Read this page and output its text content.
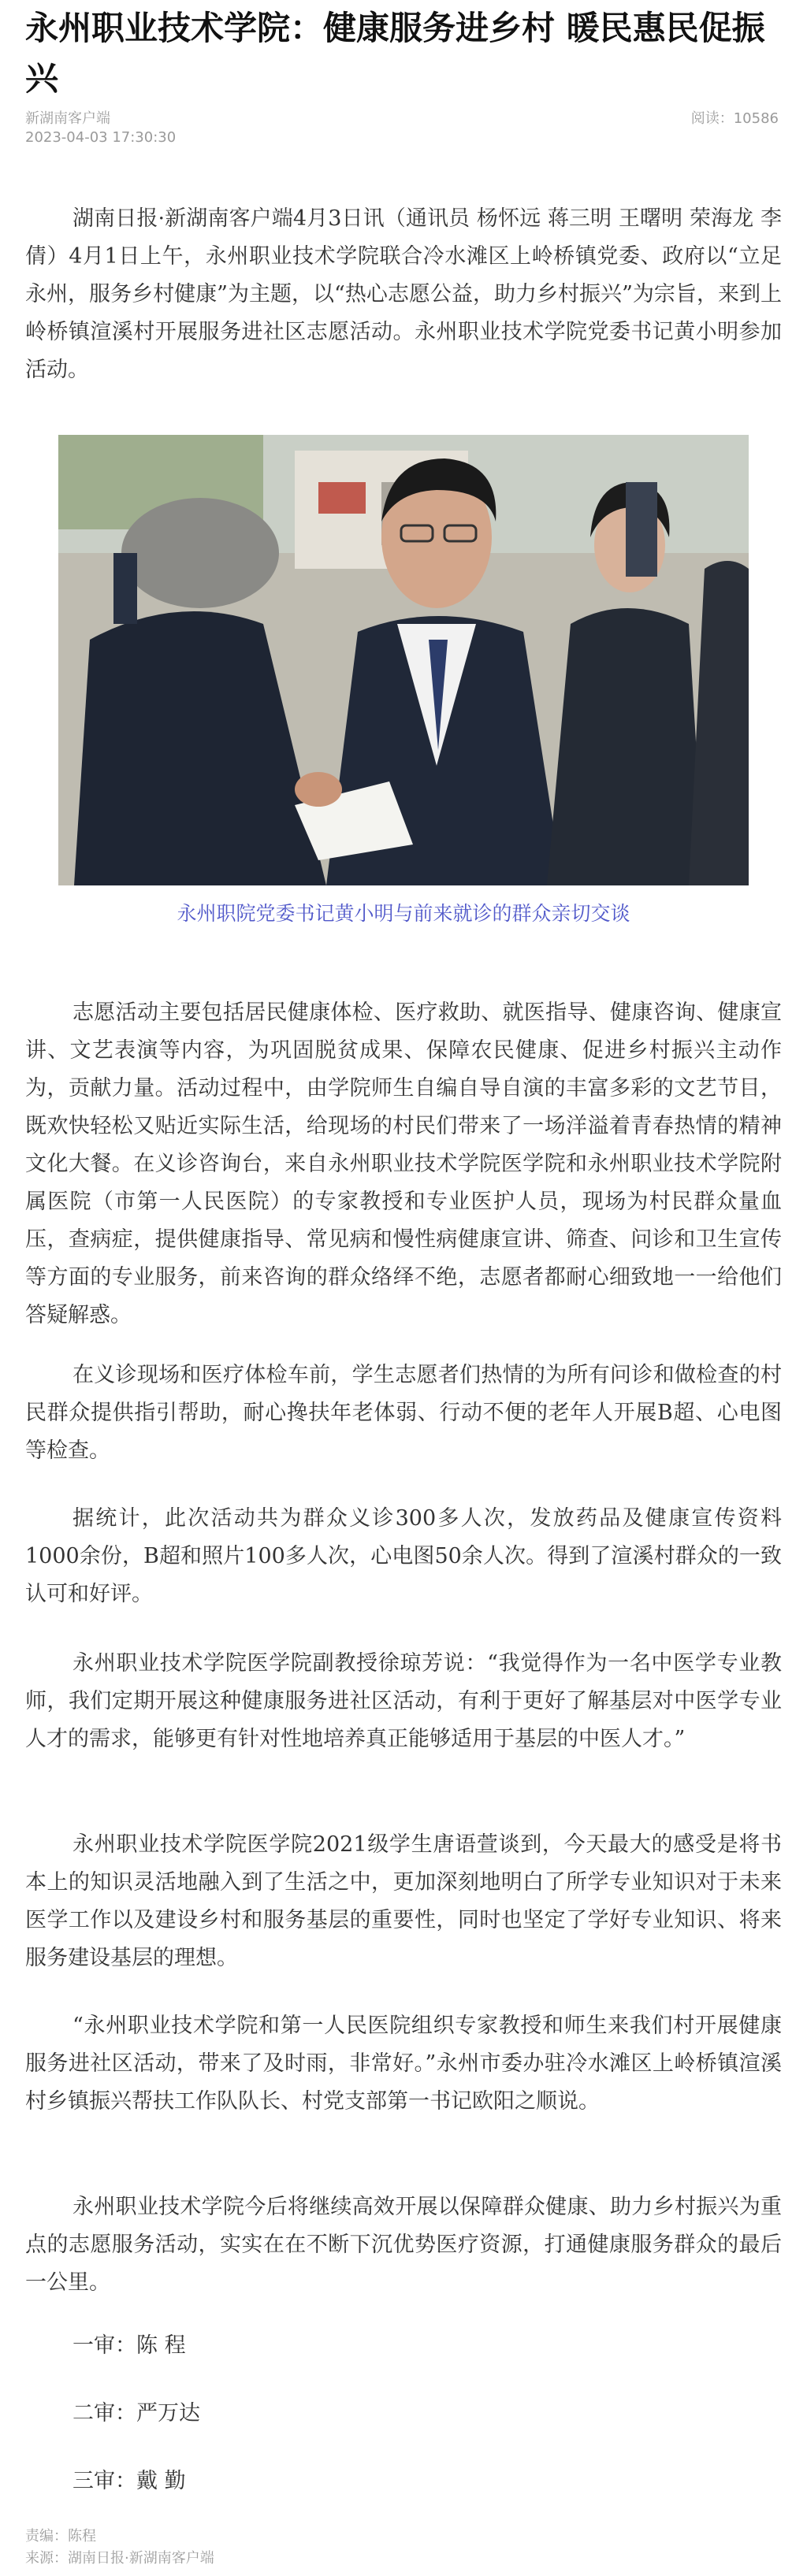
永州职业技术学院：健康服务进乡村 暖民惠民促振兴
新湖南客户端
2023-04-03 17:30:30
阅读：10586

湖南日报·新湖南客户端4月3日讯（通讯员 杨怀远 蒋三明 王曙明 荣海龙 李倩）4月1日上午，永州职业技术学院联合冷水滩区上岭桥镇党委、政府以“立足永州，服务乡村健康”为主题，以“热心志愿公益，助力乡村振兴”为宗旨，来到上岭桥镇渲溪村开展服务进社区志愿活动。永州职业技术学院党委书记黄小明参加活动。

永州职院党委书记黄小明与前来就诊的群众亲切交谈

志愿活动主要包括居民健康体检、医疗救助、就医指导、健康咨询、健康宣讲、文艺表演等内容，为巩固脱贫成果、保障农民健康、促进乡村振兴主动作为，贡献力量。活动过程中，由学院师生自编自导自演的丰富多彩的文艺节目，既欢快轻松又贴近实际生活，给现场的村民们带来了一场洋溢着青春热情的精神文化大餐。在义诊咨询台，来自永州职业技术学院医学院和永州职业技术学院附属医院（市第一人民医院）的专家教授和专业医护人员，现场为村民群众量血压，查病症，提供健康指导、常见病和慢性病健康宣讲、筛查、问诊和卫生宣传等方面的专业服务，前来咨询的群众络绎不绝，志愿者都耐心细致地一一给他们答疑解惑。

在义诊现场和医疗体检车前，学生志愿者们热情的为所有问诊和做检查的村民群众提供指引帮助，耐心搀扶年老体弱、行动不便的老年人开展B超、心电图等检查。

据统计，此次活动共为群众义诊300多人次，发放药品及健康宣传资料1000余份，B超和照片100多人次，心电图50余人次。得到了渲溪村群众的一致认可和好评。

永州职业技术学院医学院副教授徐琼芳说：“我觉得作为一名中医学专业教师，我们定期开展这种健康服务进社区活动，有利于更好了解基层对中医学专业人才的需求，能够更有针对性地培养真正能够适用于基层的中医人才。”

永州职业技术学院医学院2021级学生唐语萱谈到，今天最大的感受是将书本上的知识灵活地融入到了生活之中，更加深刻地明白了所学专业知识对于未来医学工作以及建设乡村和服务基层的重要性，同时也坚定了学好专业知识、将来服务建设基层的理想。

“永州职业技术学院和第一人民医院组织专家教授和师生来我们村开展健康服务进社区活动，带来了及时雨，非常好。”永州市委办驻冷水滩区上岭桥镇渲溪村乡镇振兴帮扶工作队队长、村党支部第一书记欧阳之顺说。

永州职业技术学院今后将继续高效开展以保障群众健康、助力乡村振兴为重点的志愿服务活动，实实在在不断下沉优势医疗资源，打通健康服务群众的最后一公里。

一审：陈 程
二审：严万达
三审：戴 勤
责编：陈程
来源：湖南日报·新湖南客户端
